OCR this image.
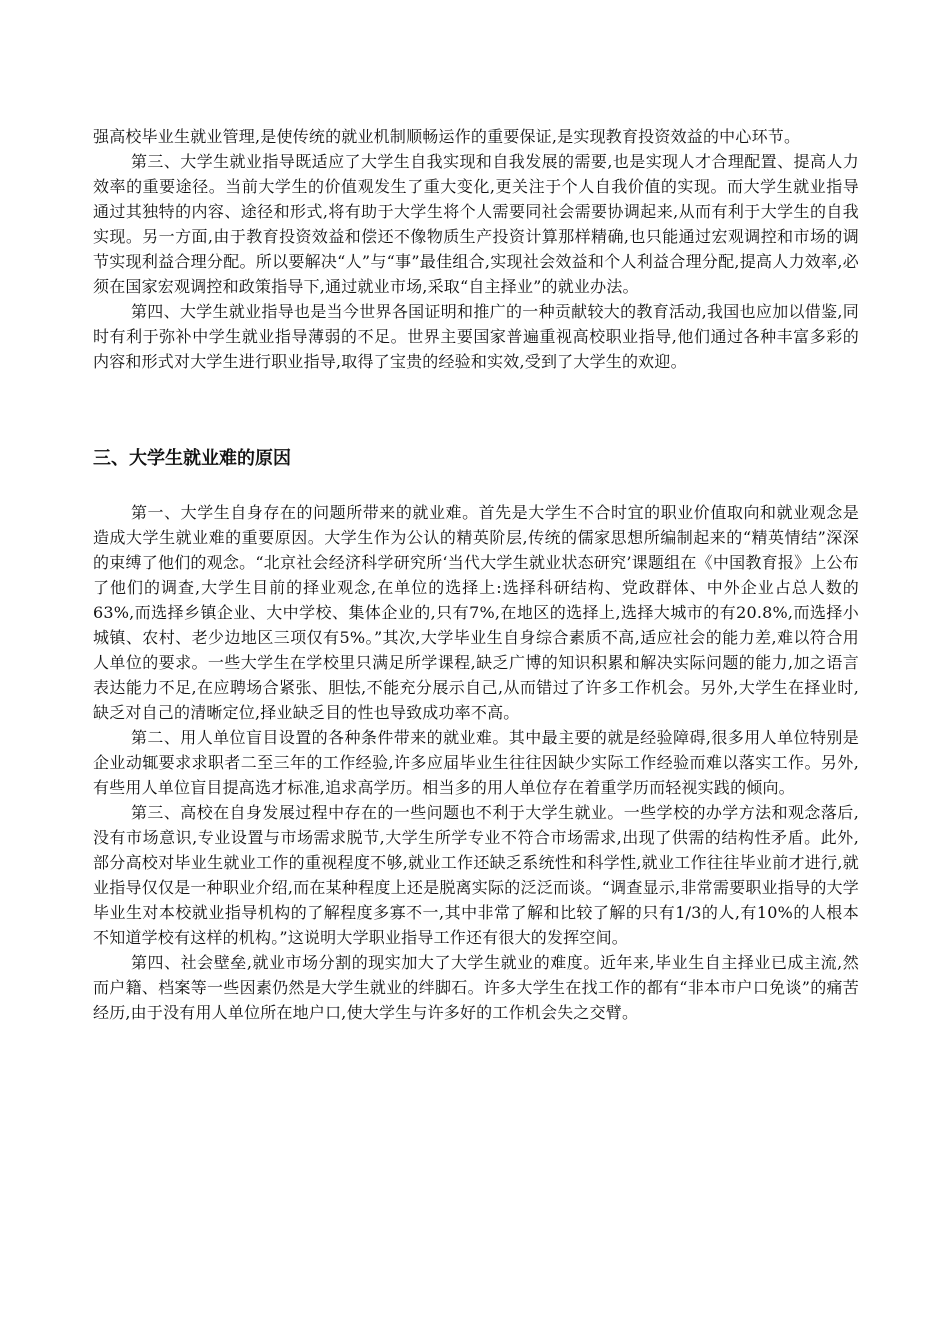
强高校毕业生就业管理,是使传统的就业机制顺畅运作的重要保证,是实现教育投资效益的中心环节。

第三、大学生就业指导既适应了大学生自我实现和自我发展的需要,也是实现人才合理配置、提高人力效率的重要途径。当前大学生的价值观发生了重大变化,更关注于个人自我价值的实现。而大学生就业指导通过其独特的内容、途径和形式,将有助于大学生将个人需要同社会需要协调起来,从而有利于大学生的自我实现。另一方面,由于教育投资效益和偿还不像物质生产投资计算那样精确,也只能通过宏观调控和市场的调节实现利益合理分配。所以要解决“人”与“事”最佳组合,实现社会效益和个人利益合理分配,提高人力效率,必须在国家宏观调控和政策指导下,通过就业市场,采取“自主择业”的就业办法。

第四、大学生就业指导也是当今世界各国证明和推广的一种贡献较大的教育活动,我国也应加以借鉴,同时有利于弥补中学生就业指导薄弱的不足。世界主要国家普遍重视高校职业指导,他们通过各种丰富多彩的内容和形式对大学生进行职业指导,取得了宝贵的经验和实效,受到了大学生的欢迎。

三、大学生就业难的原因

第一、大学生自身存在的问题所带来的就业难。首先是大学生不合时宜的职业价值取向和就业观念是造成大学生就业难的重要原因。大学生作为公认的精英阶层,传统的儒家思想所编制起来的“精英情结”深深的束缚了他们的观念。“北京社会经济科学研究所‘当代大学生就业状态研究’课题组在《中国教育报》上公布了他们的调查,大学生目前的择业观念,在单位的选择上:选择科研结构、党政群体、中外企业占总人数的63%,而选择乡镇企业、大中学校、集体企业的,只有7%,在地区的选择上,选择大城市的有20.8%,而选择小城镇、农村、老少边地区三项仅有5%。”其次,大学毕业生自身综合素质不高,适应社会的能力差,难以符合用人单位的要求。一些大学生在学校里只满足所学课程,缺乏广博的知识积累和解决实际问题的能力,加之语言表达能力不足,在应聘场合紧张、胆怯,不能充分展示自己,从而错过了许多工作机会。另外,大学生在择业时,缺乏对自己的清晰定位,择业缺乏目的性也导致成功率不高。

第二、用人单位盲目设置的各种条件带来的就业难。其中最主要的就是经验障碍,很多用人单位特别是企业动辄要求求职者二至三年的工作经验,许多应届毕业生往往因缺少实际工作经验而难以落实工作。另外,有些用人单位盲目提高选才标准,追求高学历。相当多的用人单位存在着重学历而轻视实践的倾向。

第三、高校在自身发展过程中存在的一些问题也不利于大学生就业。一些学校的办学方法和观念落后,没有市场意识,专业设置与市场需求脱节,大学生所学专业不符合市场需求,出现了供需的结构性矛盾。此外,部分高校对毕业生就业工作的重视程度不够,就业工作还缺乏系统性和科学性,就业工作往往毕业前才进行,就业指导仅仅是一种职业介绍,而在某种程度上还是脱离实际的泛泛而谈。“调查显示,非常需要职业指导的大学毕业生对本校就业指导机构的了解程度多寡不一,其中非常了解和比较了解的只有1/3的人,有10%的人根本不知道学校有这样的机构。”这说明大学职业指导工作还有很大的发挥空间。

第四、社会壁垒,就业市场分割的现实加大了大学生就业的难度。近年来,毕业生自主择业已成主流,然而户籍、档案等一些因素仍然是大学生就业的绊脚石。许多大学生在找工作的都有“非本市户口免谈”的痛苦经历,由于没有用人单位所在地户口,使大学生与许多好的工作机会失之交臂。
